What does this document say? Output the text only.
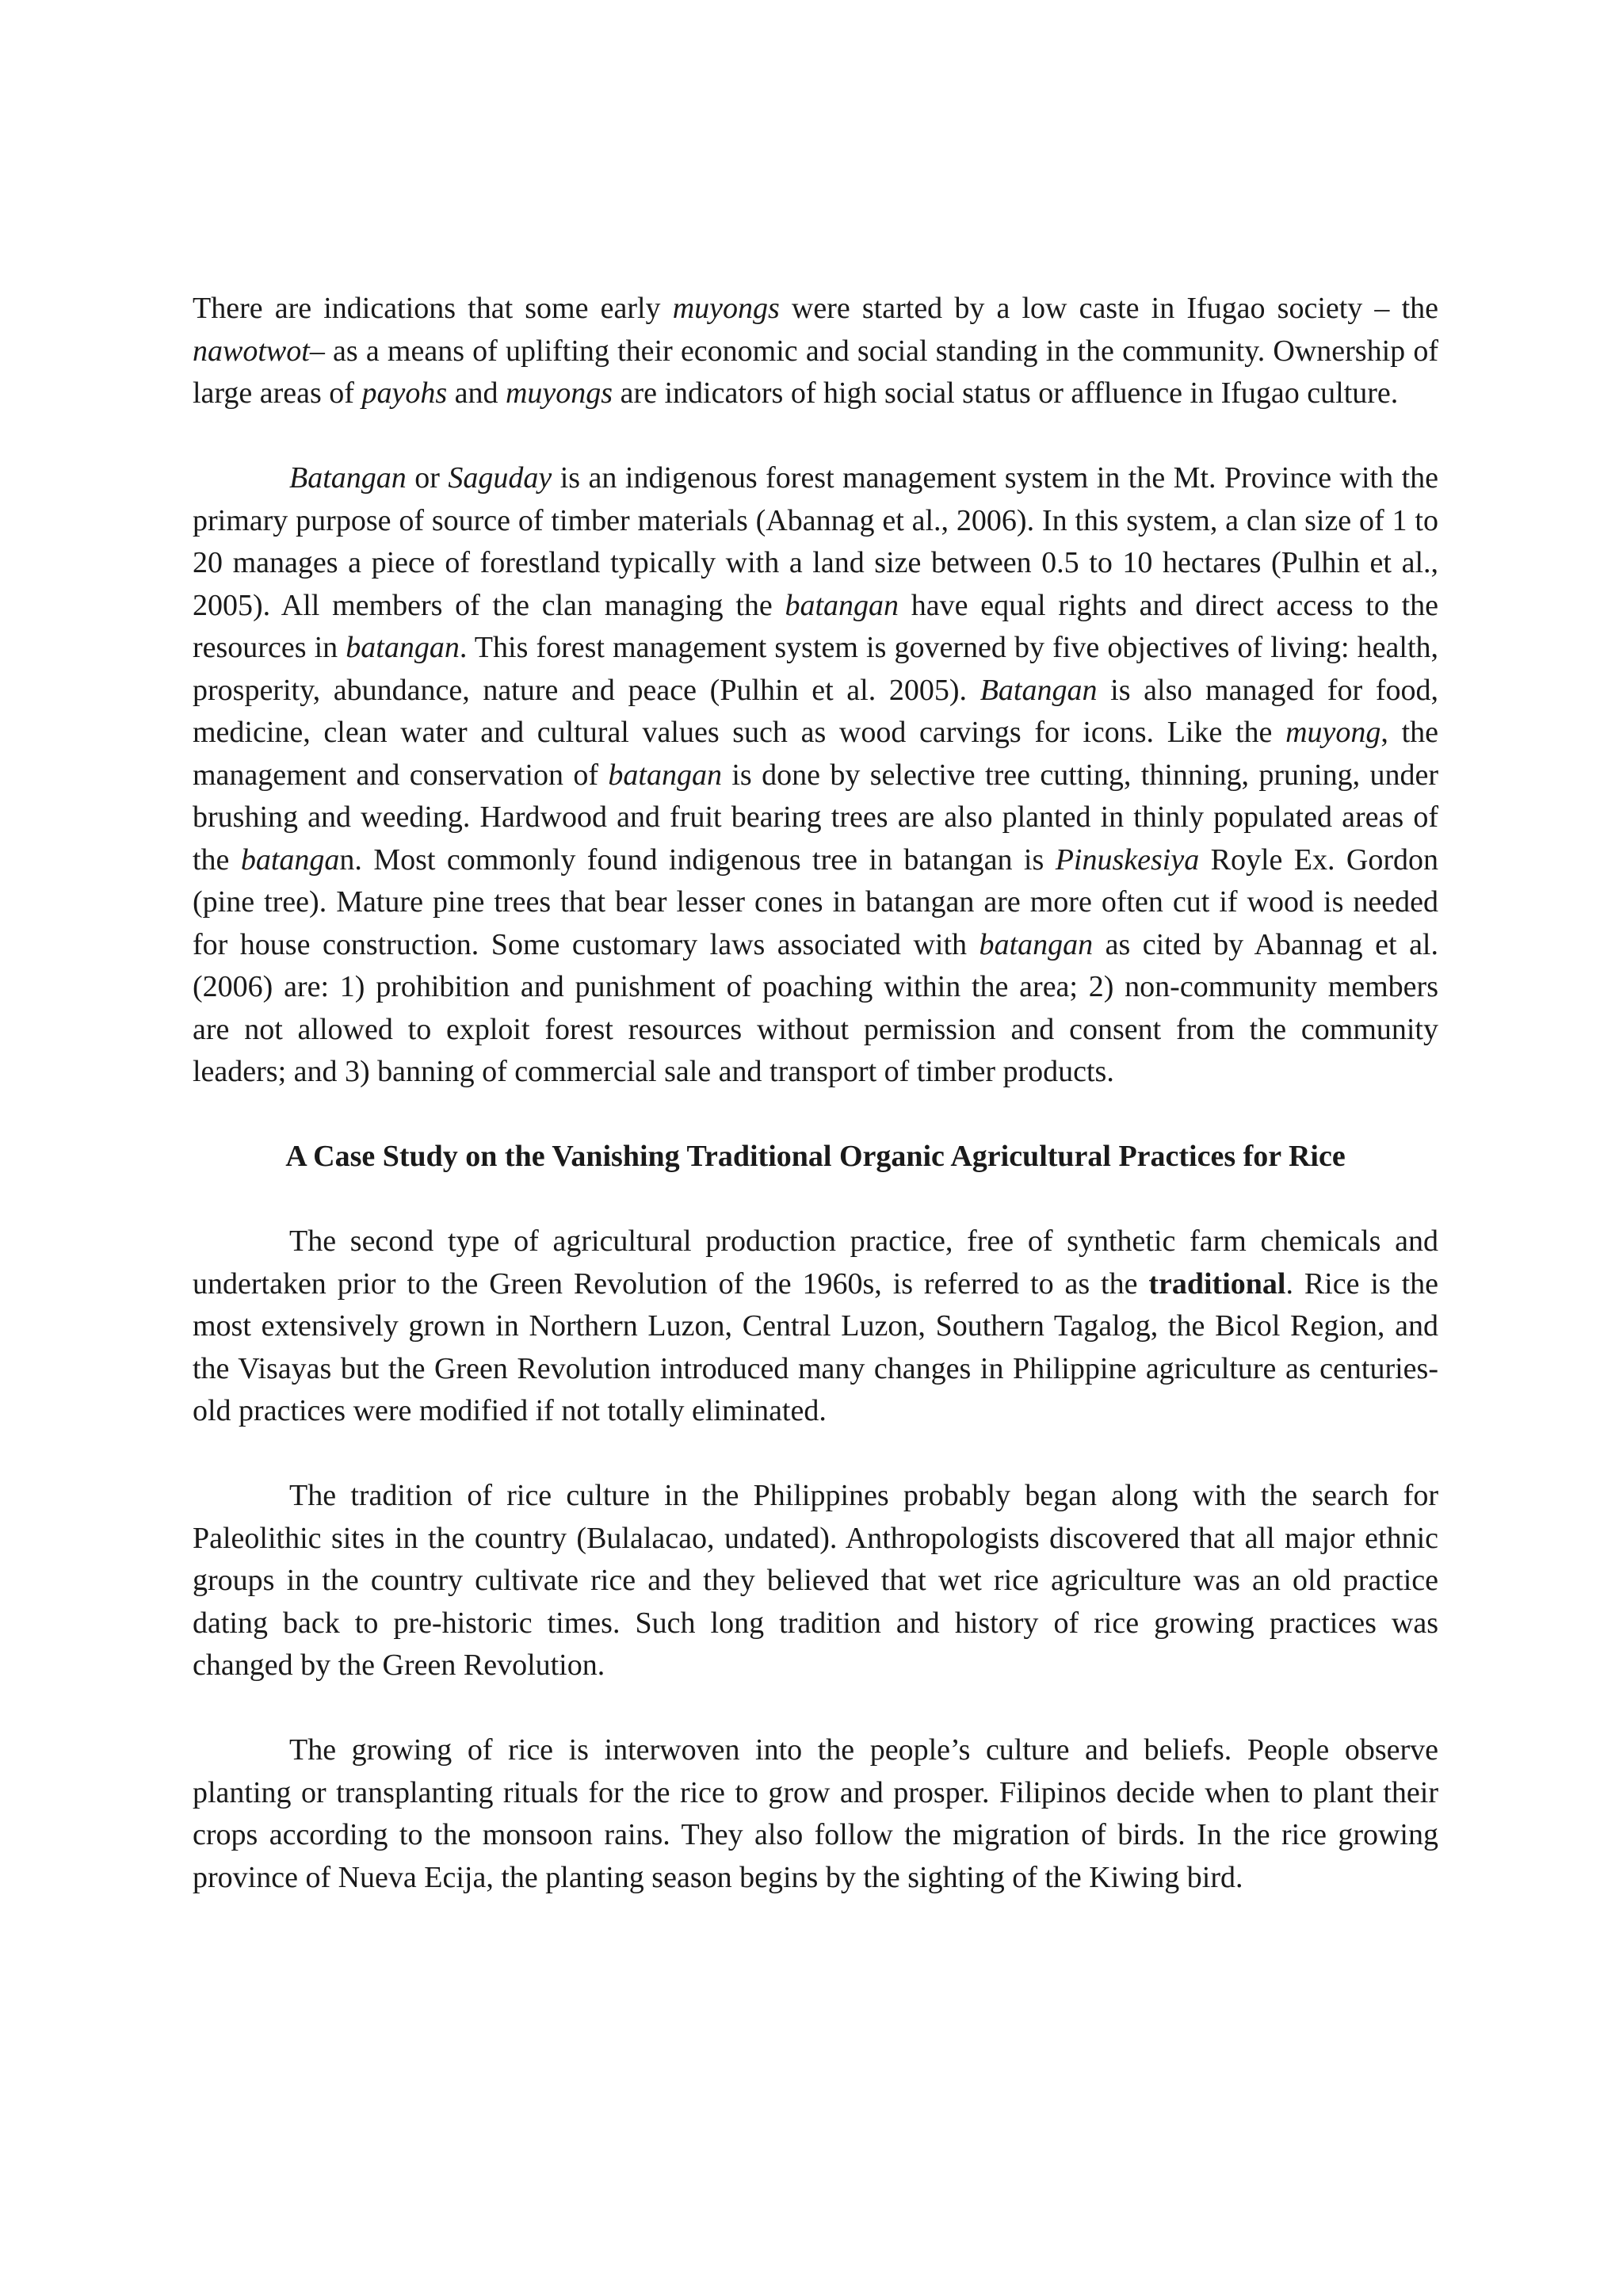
There are indications that some early muyongs were started by a low caste in Ifugao society – the nawotwot– as a means of uplifting their economic and social standing in the community. Ownership of large areas of payohs and muyongs are indicators of high social status or affluence in Ifugao culture.

Batangan or Saguday is an indigenous forest management system in the Mt. Province with the primary purpose of source of timber materials (Abannag et al., 2006). In this system, a clan size of 1 to 20 manages a piece of forestland typically with a land size between 0.5 to 10 hectares (Pulhin et al., 2005). All members of the clan managing the batangan have equal rights and direct access to the resources in batangan. This forest management system is governed by five objectives of living: health, prosperity, abundance, nature and peace (Pulhin et al. 2005). Batangan is also managed for food, medicine, clean water and cultural values such as wood carvings for icons. Like the muyong, the management and conservation of batangan is done by selective tree cutting, thinning, pruning, under brushing and weeding. Hardwood and fruit bearing trees are also planted in thinly populated areas of the batangan. Most commonly found indigenous tree in batangan is Pinuskesiya Royle Ex. Gordon (pine tree). Mature pine trees that bear lesser cones in batangan are more often cut if wood is needed for house construction. Some customary laws associated with batangan as cited by Abannag et al. (2006) are: 1) prohibition and punishment of poaching within the area; 2) non-community members are not allowed to exploit forest resources without permission and consent from the community leaders; and 3) banning of commercial sale and transport of timber products.

A Case Study on the Vanishing Traditional Organic Agricultural Practices for Rice

The second type of agricultural production practice, free of synthetic farm chemicals and undertaken prior to the Green Revolution of the 1960s, is referred to as the traditional. Rice is the most extensively grown in Northern Luzon, Central Luzon, Southern Tagalog, the Bicol Region, and the Visayas but the Green Revolution introduced many changes in Philippine agriculture as centuries-old practices were modified if not totally eliminated.

The tradition of rice culture in the Philippines probably began along with the search for Paleolithic sites in the country (Bulalacao, undated). Anthropologists discovered that all major ethnic groups in the country cultivate rice and they believed that wet rice agriculture was an old practice dating back to pre-historic times. Such long tradition and history of rice growing practices was changed by the Green Revolution.

The growing of rice is interwoven into the people’s culture and beliefs. People observe planting or transplanting rituals for the rice to grow and prosper. Filipinos decide when to plant their crops according to the monsoon rains. They also follow the migration of birds. In the rice growing province of Nueva Ecija, the planting season begins by the sighting of the Kiwing bird.
